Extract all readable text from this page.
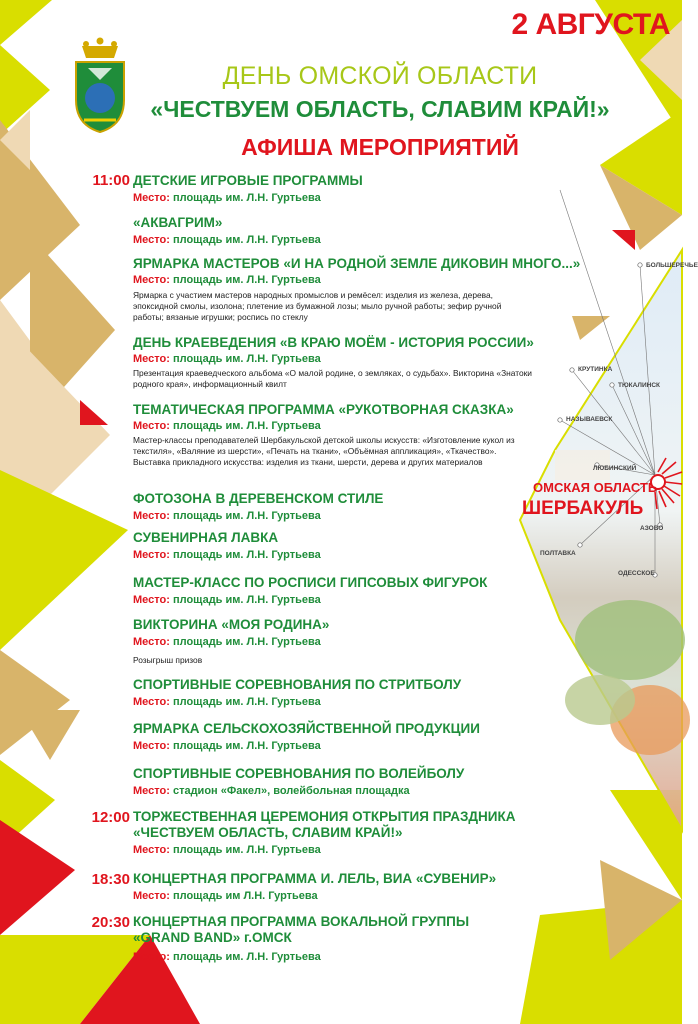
2 АВГУСТА
ДЕНЬ ОМСКОЙ ОБЛАСТИ
«ЧЕСТВУЕМ ОБЛАСТЬ, СЛАВИМ КРАЙ!»
АФИША МЕРОПРИЯТИЙ
БОЛЬШЕРЕЧЬЕ
КРУТИНКА
ТЮКАЛИНСК
НАЗЫВАЕВСК
ЛЮБИНСКИЙ
АЗОВО
ПОЛТАВКА
ОДЕССКОЕ
ОМСКАЯ ОБЛАСТЬ
ШЕРБАКУЛЬ
11:00 ДЕТСКИЕ ИГРОВЫЕ ПРОГРАММЫ
Место: площадь им. Л.Н. Гуртьева
«АКВАГРИМ»
Место: площадь им. Л.Н. Гуртьева
ЯРМАРКА МАСТЕРОВ «И НА РОДНОЙ ЗЕМЛЕ ДИКОВИН МНОГО...»
Место: площадь им. Л.Н. Гуртьева
Ярмарка с участием мастеров народных промыслов и ремёсел: изделия из железа, дерева, эпоксидной смолы, изолона; плетение из бумажной лозы; мыло ручной работы; зефир ручной работы; вязаные игрушки; роспись по стеклу
ДЕНЬ КРАЕВЕДЕНИЯ «В КРАЮ МОЁМ - ИСТОРИЯ РОССИИ»
Место: площадь им. Л.Н. Гуртьева
Презентация краеведческого альбома «О малой родине, о земляках, о судьбах». Викторина «Знатоки родного края», информационный квилт
ТЕМАТИЧЕСКАЯ ПРОГРАММА «РУКОТВОРНАЯ СКАЗКА»
Место: площадь им. Л.Н. Гуртьева
Мастер-классы преподавателей Шербакульской детской школы искусств: «Изготовление кукол из текстиля», «Валяние из шерсти», «Печать на ткани», «Объёмная аппликация», «Ткачество». Выставка прикладного искусства: изделия из ткани, шерсти, дерева и других материалов
ФОТОЗОНА В ДЕРЕВЕНСКОМ СТИЛЕ
Место: площадь им. Л.Н. Гуртьева
СУВЕНИРНАЯ ЛАВКА
Место: площадь им. Л.Н. Гуртьева
МАСТЕР-КЛАСС ПО РОСПИСИ ГИПСОВЫХ ФИГУРОК
Место: площадь им. Л.Н. Гуртьева
ВИКТОРИНА «МОЯ РОДИНА»
Место: площадь им. Л.Н. Гуртьева
Розыгрыш призов
СПОРТИВНЫЕ СОРЕВНОВАНИЯ ПО СТРИТБОЛУ
Место: площадь им. Л.Н. Гуртьева
ЯРМАРКА СЕЛЬСКОХОЗЯЙСТВЕННОЙ ПРОДУКЦИИ
Место: площадь им. Л.Н. Гуртьева
СПОРТИВНЫЕ СОРЕВНОВАНИЯ ПО ВОЛЕЙБОЛУ
Место: стадион «Факел», волейбольная площадка
12:00 ТОРЖЕСТВЕННАЯ ЦЕРЕМОНИЯ ОТКРЫТИЯ ПРАЗДНИКА «ЧЕСТВУЕМ ОБЛАСТЬ, СЛАВИМ КРАЙ!»
Место: площадь им. Л.Н. Гуртьева
18:30 КОНЦЕРТНАЯ ПРОГРАММА И. ЛЕЛЬ, ВИА «СУВЕНИР»
Место: площадь им Л.Н. Гуртьева
20:30 КОНЦЕРТНАЯ ПРОГРАММА ВОКАЛЬНОЙ ГРУППЫ «GRAND BAND» г.ОМСК
Место: площадь им. Л.Н. Гуртьева
